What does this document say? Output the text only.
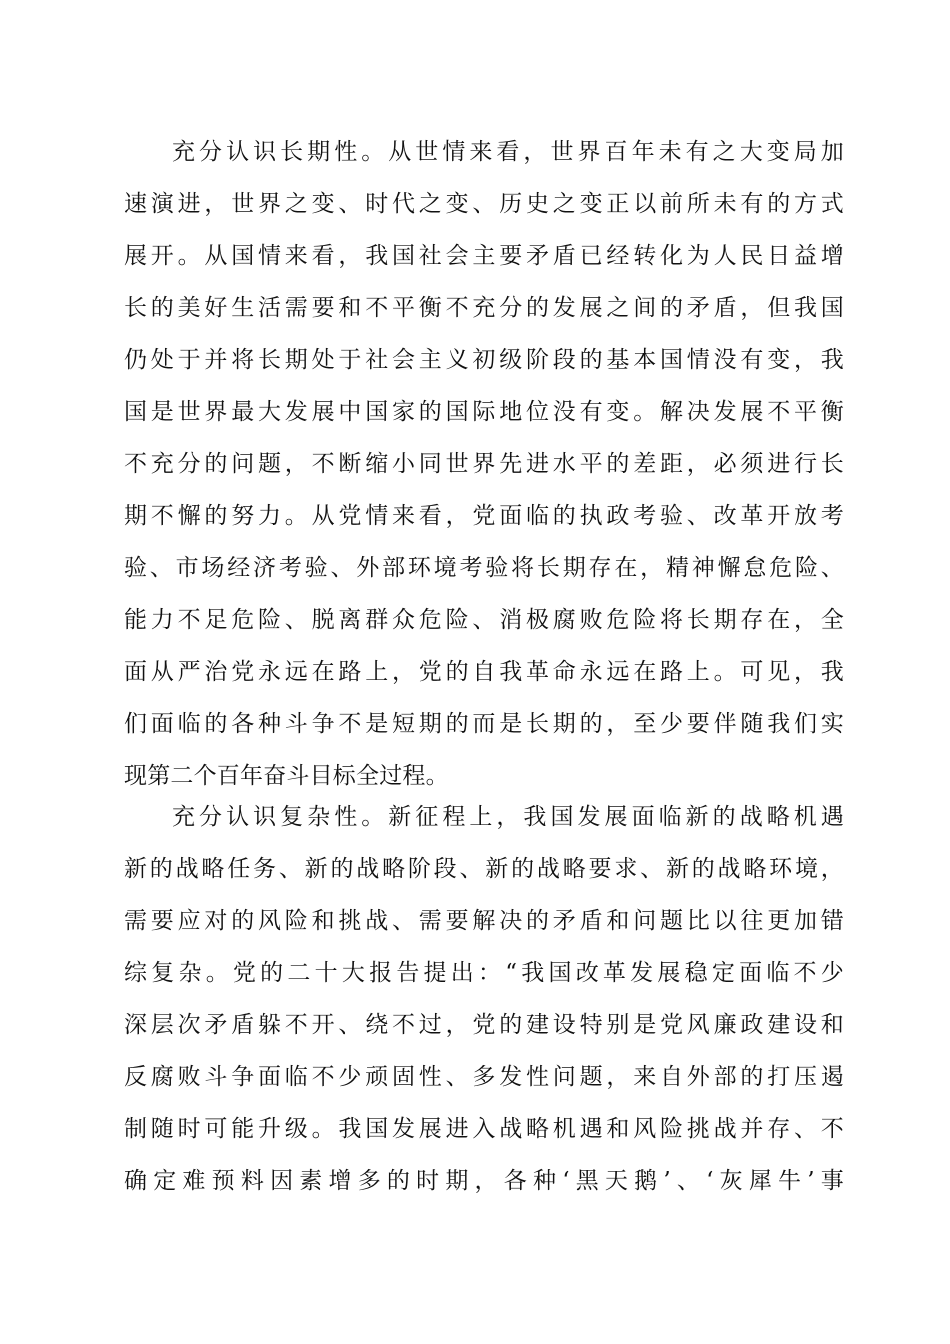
充分认识长期性。从世情来看，世界百年未有之大变局加
速演进，世界之变、时代之变、历史之变正以前所未有的方式
展开。从国情来看，我国社会主要矛盾已经转化为人民日益增
长的美好生活需要和不平衡不充分的发展之间的矛盾，但我国
仍处于并将长期处于社会主义初级阶段的基本国情没有变，我
国是世界最大发展中国家的国际地位没有变。解决发展不平衡
不充分的问题，不断缩小同世界先进水平的差距，必须进行长
期不懈的努力。从党情来看，党面临的执政考验、改革开放考
验、市场经济考验、外部环境考验将长期存在，精神懈怠危险、
能力不足危险、脱离群众危险、消极腐败危险将长期存在，全
面从严治党永远在路上，党的自我革命永远在路上。可见，我
们面临的各种斗争不是短期的而是长期的，至少要伴随我们实
现第二个百年奋斗目标全过程。
充分认识复杂性。新征程上，我国发展面临新的战略机遇
新的战略任务、新的战略阶段、新的战略要求、新的战略环境，
需要应对的风险和挑战、需要解决的矛盾和问题比以往更加错
综复杂。党的二十大报告提出：“我国改革发展稳定面临不少
深层次矛盾躲不开、绕不过，党的建设特别是党风廉政建设和
反腐败斗争面临不少顽固性、多发性问题，来自外部的打压遏
制随时可能升级。我国发展进入战略机遇和风险挑战并存、不
确定难预料因素增多的时期，各种‘黑天鹅’、‘灰犀牛’事
